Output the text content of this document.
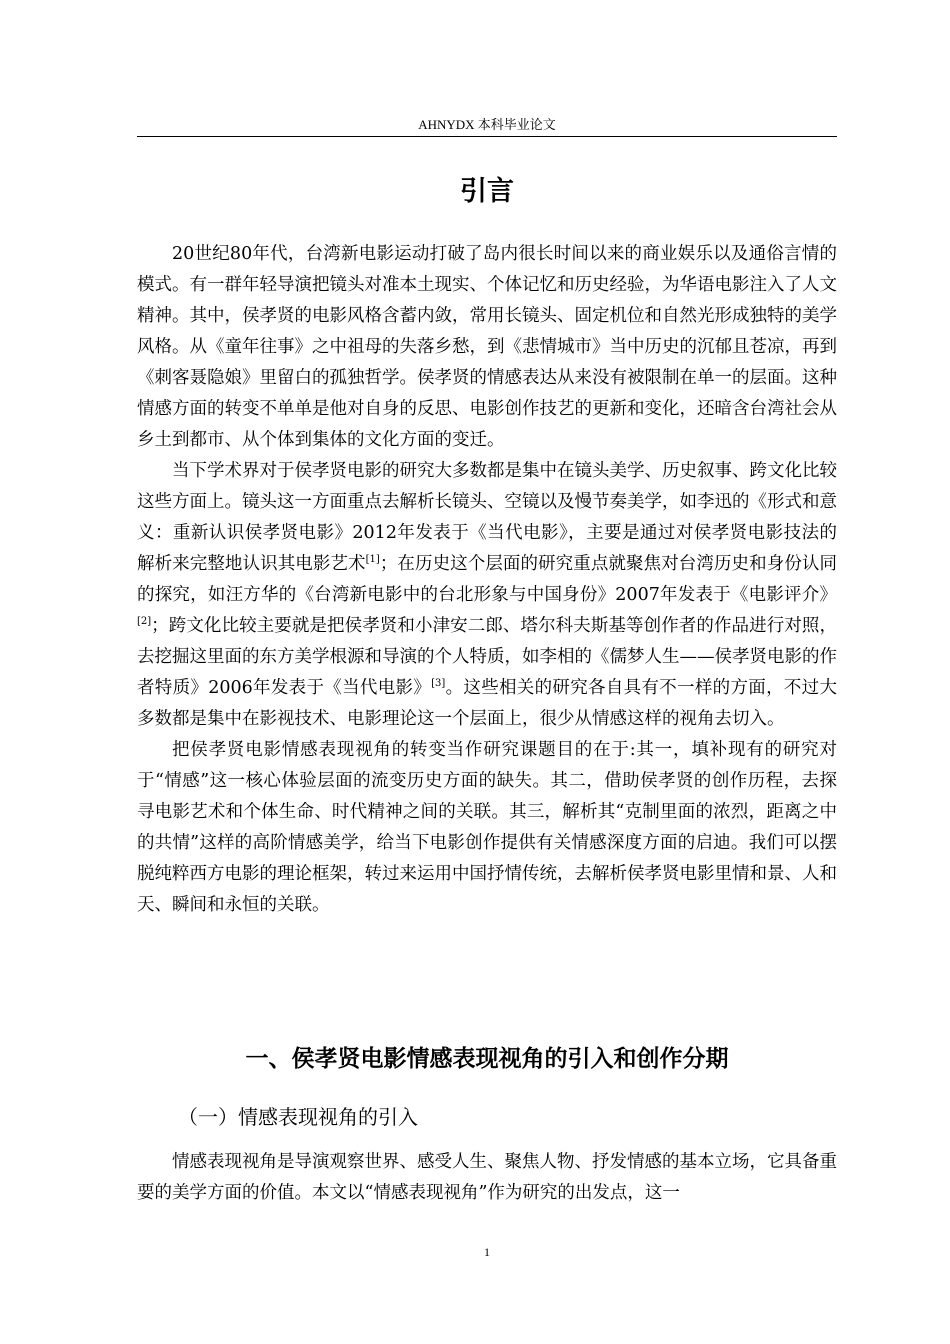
AHNYDX 本科毕业论文
引言

20世纪80年代，台湾新电影运动打破了岛内很长时间以来的商业娱乐以及通俗言情的模式。有一群年轻导演把镜头对准本土现实、个体记忆和历史经验，为华语电影注入了人文精神。其中，侯孝贤的电影风格含蓄内敛，常用长镜头、固定机位和自然光形成独特的美学风格。从《童年往事》之中祖母的失落乡愁，到《悲情城市》当中历史的沉郁且苍凉，再到《刺客聂隐娘》里留白的孤独哲学。侯孝贤的情感表达从来没有被限制在单一的层面。这种情感方面的转变不单单是他对自身的反思、电影创作技艺的更新和变化，还暗含台湾社会从乡土到都市、从个体到集体的文化方面的变迁。

当下学术界对于侯孝贤电影的研究大多数都是集中在镜头美学、历史叙事、跨文化比较这些方面上。镜头这一方面重点去解析长镜头、空镜以及慢节奏美学，如李迅的《形式和意义：重新认识侯孝贤电影》2012年发表于《当代电影》，主要是通过对侯孝贤电影技法的解析来完整地认识其电影艺术[1]；在历史这个层面的研究重点就聚焦对台湾历史和身份认同的探究，如汪方华的《台湾新电影中的台北形象与中国身份》2007年发表于《电影评介》[2]；跨文化比较主要就是把侯孝贤和小津安二郎、塔尔科夫斯基等创作者的作品进行对照，去挖掘这里面的东方美学根源和导演的个人特质，如李相的《儒梦人生——侯孝贤电影的作者特质》2006年发表于《当代电影》[3]。这些相关的研究各自具有不一样的方面，不过大多数都是集中在影视技术、电影理论这一个层面上，很少从情感这样的视角去切入。

把侯孝贤电影情感表现视角的转变当作研究课题目的在于:其一，填补现有的研究对于“情感”这一核心体验层面的流变历史方面的缺失。其二，借助侯孝贤的创作历程，去探寻电影艺术和个体生命、时代精神之间的关联。其三，解析其“克制里面的浓烈，距离之中的共情”这样的高阶情感美学，给当下电影创作提供有关情感深度方面的启迪。我们可以摆脱纯粹西方电影的理论框架，转过来运用中国抒情传统，去解析侯孝贤电影里情和景、人和天、瞬间和永恒的关联。

一、侯孝贤电影情感表现视角的引入和创作分期
（一）情感表现视角的引入

情感表现视角是导演观察世界、感受人生、聚焦人物、抒发情感的基本立场，它具备重要的美学方面的价值。本文以“情感表现视角”作为研究的出发点，这一

1
